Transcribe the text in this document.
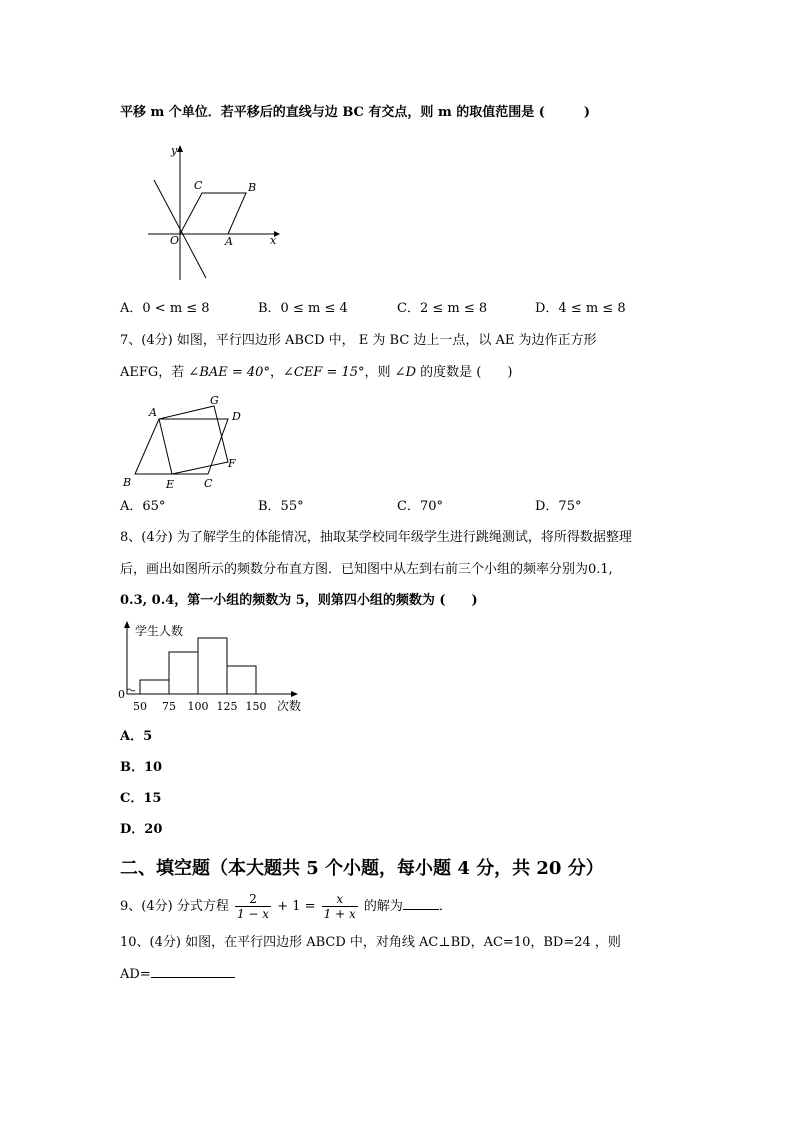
平移 m 个单位．若平移后的直线与边 BC 有交点，则 m 的取值范围是 (　　　)
y
x
O	A
B
C
A．0 < m ≤ 8	B．0 ≤ m ≤ 4	C．2 ≤ m ≤ 8	D．4 ≤ m ≤ 8
7、(4分) 如图，平行四边形 ABCD 中， E 为 BC 边上一点，以 AE 为边作正方形
AEFG，若 ∠BAE = 40°，∠CEF = 15°，则 ∠D 的度数是 (　　)
A
B	C
D
E
F
G
A．65°	B．55°	C．70°	D．75°
8、(4分) 为了解学生的体能情况，抽取某学校同年级学生进行跳绳测试，将所得数据整理
后，画出如图所示的频数分布直方图．已知图中从左到右前三个小组的频率分别为0.1,
0.3, 0.4，第一小组的频数为 5，则第四小组的频数为 (　　)
学生人数
次数
0
50 75 100 125 150
A．5
B．10
C．15
D．20
二、填空题（本大题共 5 个小题，每小题 4 分，共 20 分）
9、(4分) 分式方程 $\frac{2}{1 - x} + 1 = \frac{x}{1 + x}$ 的解为	．
10、(4分) 如图，在平行四边形 ABCD 中，对角线 AC⊥BD，AC=10，BD=24 ，则
AD=
